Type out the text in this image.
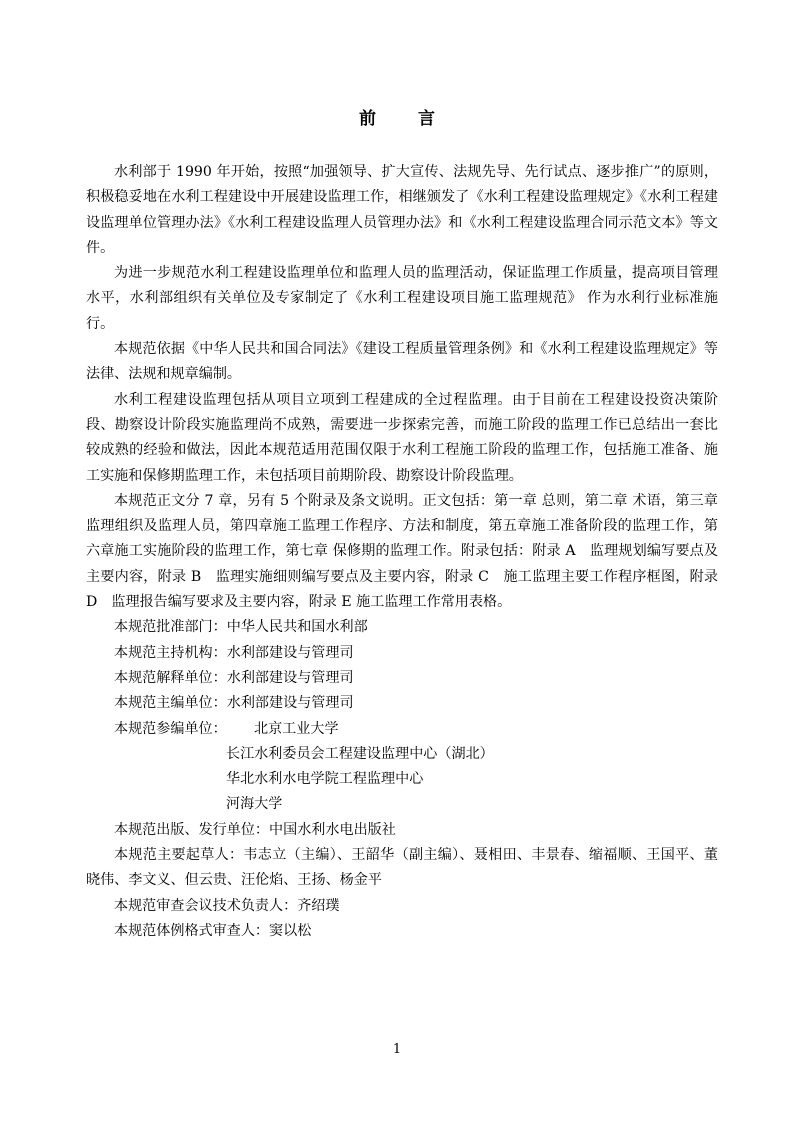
前 言

水利部于 1990 年开始，按照“加强领导、扩大宣传、法规先导、先行试点、逐步推广”的原则，积极稳妥地在水利工程建设中开展建设监理工作，相继颁发了《水利工程建设监理规定》《水利工程建设监理单位管理办法》《水利工程建设监理人员管理办法》和《水利工程建设监理合同示范文本》等文件。

为进一步规范水利工程建设监理单位和监理人员的监理活动，保证监理工作质量，提高项目管理水平，水利部组织有关单位及专家制定了《水利工程建设项目施工监理规范》 作为水利行业标准施行。

本规范依据《中华人民共和国合同法》《建设工程质量管理条例》和《水利工程建设监理规定》等法律、法规和规章编制。

水利工程建设监理包括从项目立项到工程建成的全过程监理。由于目前在工程建设投资决策阶段、勘察设计阶段实施监理尚不成熟，需要进一步探索完善，而施工阶段的监理工作已总结出一套比较成熟的经验和做法，因此本规范适用范围仅限于水利工程施工阶段的监理工作，包括施工准备、施工实施和保修期监理工作，未包括项目前期阶段、勘察设计阶段监理。

本规范正文分 7 章，另有 5 个附录及条文说明。正文包括：第一章 总则，第二章 术语，第三章 监理组织及监理人员，第四章施工监理工作程序、方法和制度，第五章施工准备阶段的监理工作，第六章施工实施阶段的监理工作，第七章 保修期的监理工作。附录包括：附录 A　监理规划编写要点及主要内容，附录 B　监理实施细则编写要点及主要内容，附录 C　施工监理主要工作程序框图，附录 D　监理报告编写要求及主要内容，附录 E 施工监理工作常用表格。

本规范批准部门：中华人民共和国水利部
本规范主持机构：水利部建设与管理司
本规范解释单位：水利部建设与管理司
本规范主编单位：水利部建设与管理司
本规范参编单位：	北京工业大学
长江水利委员会工程建设监理中心（湖北）
华北水利水电学院工程监理中心
河海大学
本规范出版、发行单位：中国水利水电出版社

本规范主要起草人：韦志立（主编）、王韶华（副主编）、聂相田、丰景春、缩福顺、王国平、董晓伟、李文义、但云贵、汪伦焰、王扬、杨金平

本规范审查会议技术负责人：齐绍璞
本规范体例格式审查人：窦以松
1
